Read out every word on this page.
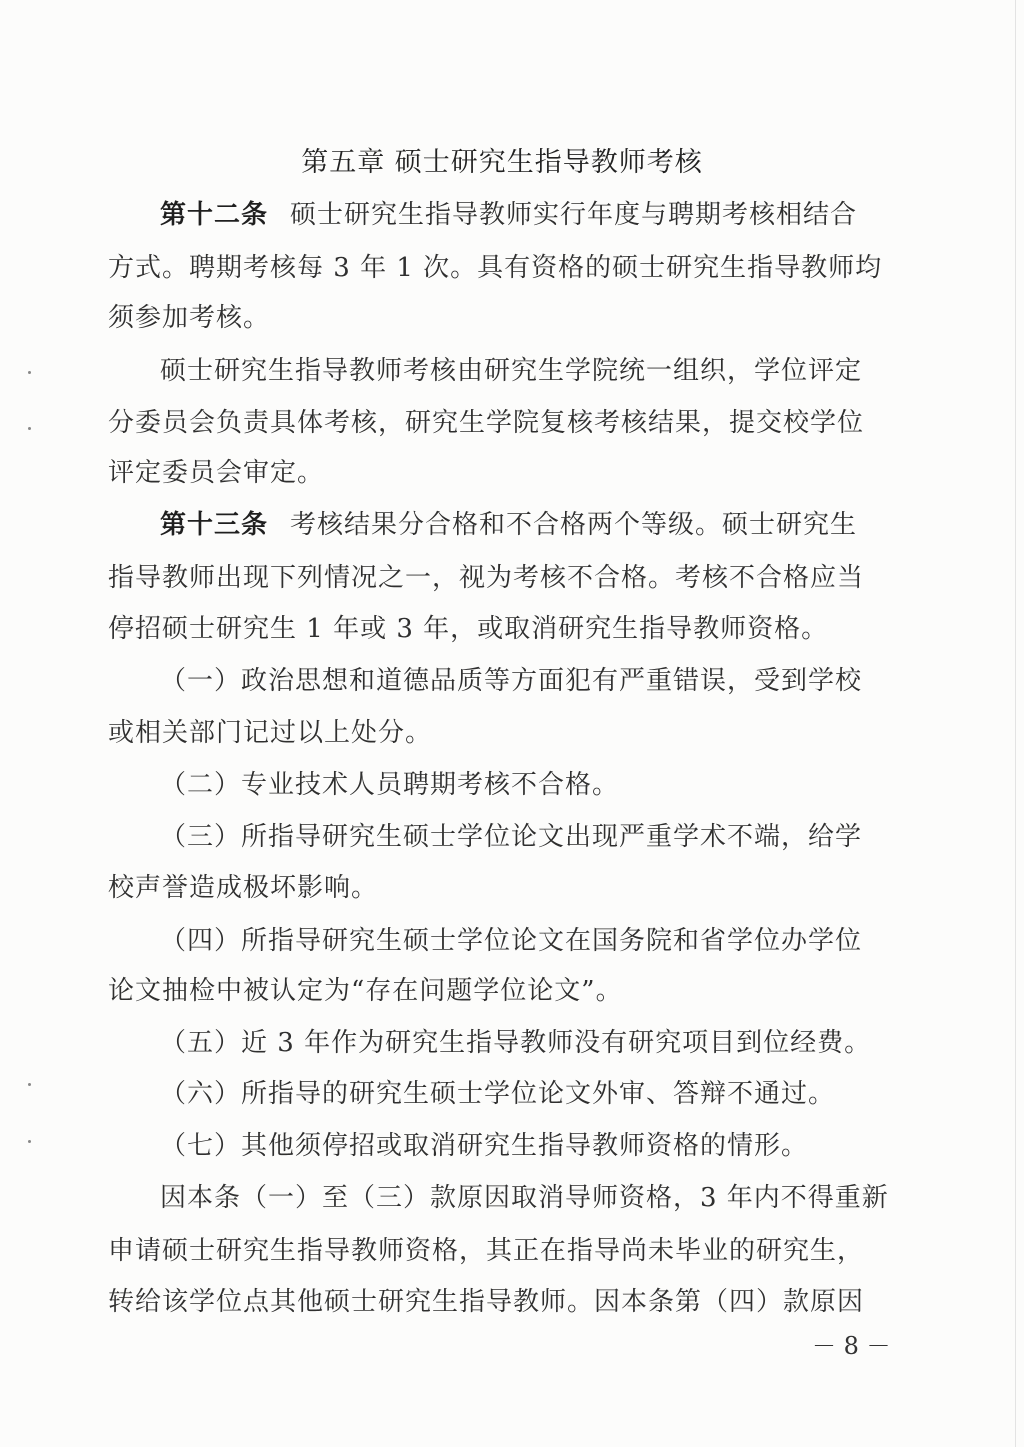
第五章 硕士研究生指导教师考核
第十二条 硕士研究生指导教师实行年度与聘期考核相结合
方式。聘期考核每 3 年 1 次。具有资格的硕士研究生指导教师均
须参加考核。
硕士研究生指导教师考核由研究生学院统一组织，学位评定
分委员会负责具体考核，研究生学院复核考核结果，提交校学位
评定委员会审定。
第十三条 考核结果分合格和不合格两个等级。硕士研究生
指导教师出现下列情况之一，视为考核不合格。考核不合格应当
停招硕士研究生 1 年或 3 年，或取消研究生指导教师资格。
（一）政治思想和道德品质等方面犯有严重错误，受到学校
或相关部门记过以上处分。
（二）专业技术人员聘期考核不合格。
（三）所指导研究生硕士学位论文出现严重学术不端，给学
校声誉造成极坏影响。
（四）所指导研究生硕士学位论文在国务院和省学位办学位
论文抽检中被认定为“存在问题学位论文”。
（五）近 3 年作为研究生指导教师没有研究项目到位经费。
（六）所指导的研究生硕士学位论文外审、答辩不通过。
（七）其他须停招或取消研究生指导教师资格的情形。
因本条（一）至（三）款原因取消导师资格，3 年内不得重新
申请硕士研究生指导教师资格，其正在指导尚未毕业的研究生，
转给该学位点其他硕士研究生指导教师。因本条第（四）款原因
－ 8 －
